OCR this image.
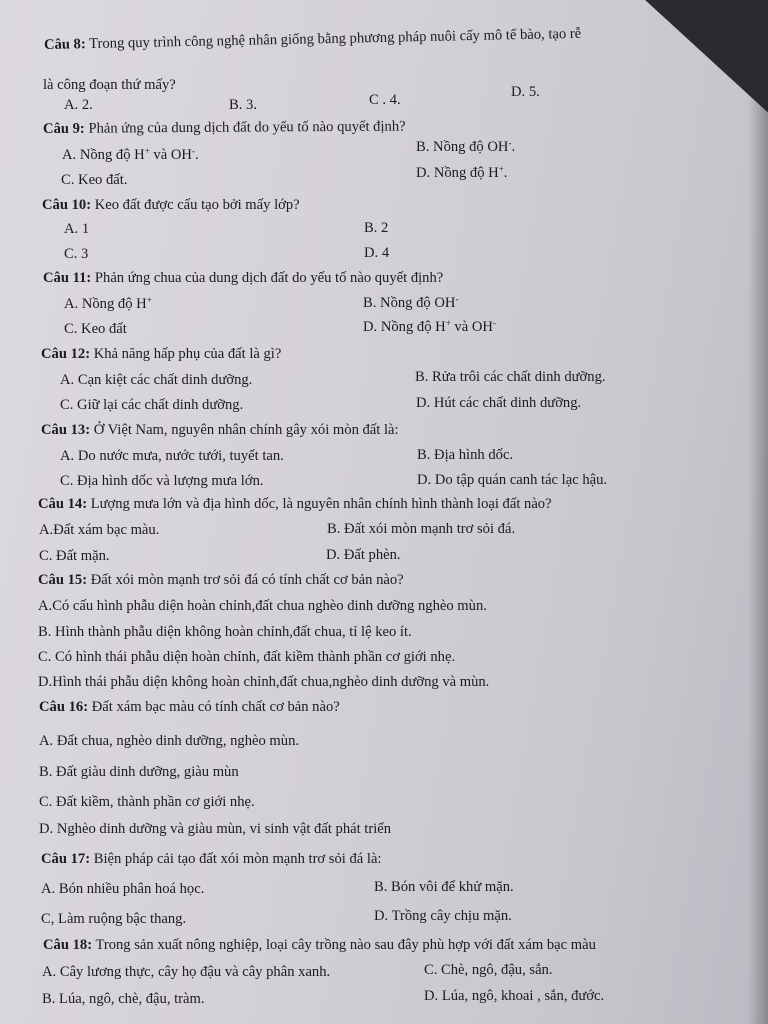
Câu 8: Trong quy trình công nghệ nhân giống bằng phương pháp nuôi cấy mô tế bào, tạo rễ
là công đoạn thứ mấy?
A. 2.	B. 3.	C . 4.	D. 5.
Câu 9: Phản ứng của dung dịch đất do yếu tố nào quyết định?
A. Nồng độ H+ và OH-.	B. Nồng độ OH-.
C. Keo đất.	D. Nồng độ H+.
Câu 10: Keo đất được cấu tạo bởi mấy lớp?
A. 1	B. 2
C. 3	D. 4
Câu 11: Phản ứng chua của dung dịch đất do yếu tố nào quyết định?
A. Nồng độ H+	B. Nồng độ OH-
C. Keo đất	D. Nồng độ H+ và OH-
Câu 12: Khả năng hấp phụ của đất là gì?
A. Cạn kiệt các chất dinh dưỡng.	B. Rửa trôi các chất dinh dưỡng.
C. Giữ lại các chất dinh dưỡng.	D. Hút các chất dinh dưỡng.
Câu 13: Ở Việt Nam, nguyên nhân chính gây xói mòn đất là:
A. Do nước mưa, nước tưới, tuyết tan.	B. Địa hình dốc.
C. Địa hình dốc và lượng mưa lớn.	D. Do tập quán canh tác lạc hậu.
Câu 14: Lượng mưa lớn và địa hình dốc, là nguyên nhân chính hình thành loại đất nào?
A.Đất xám bạc màu.	B. Đất xói mòn mạnh trơ sỏi đá.
C. Đất mặn.	D. Đất phèn.
Câu 15: Đất xói mòn mạnh trơ sỏi đá có tính chất cơ bản nào?
A.Có cấu hình phẫu diện hoàn chỉnh,đất chua nghèo dinh dưỡng nghèo mùn.
B. Hình thành phẫu diện không hoàn chỉnh,đất chua, tỉ lệ keo ít.
C. Có hình thái phẫu diện hoàn chỉnh, đất kiềm thành phần cơ giới nhẹ.
D.Hình thái phẫu diện không hoàn chỉnh,đất chua,nghèo dinh dưỡng và mùn.
Câu 16: Đất xám bạc màu có tính chất cơ bản nào?
A. Đất chua, nghèo dinh dưỡng, nghèo mùn.
B. Đất giàu dinh dưỡng, giàu mùn
C. Đất kiềm, thành phần cơ giới nhẹ.
D. Nghèo dinh dưỡng và giàu mùn, vi sinh vật đất phát triển
Câu 17: Biện pháp cải tạo đất xói mòn mạnh trơ sỏi đá là:
A. Bón nhiều phân hoá học.	B. Bón vôi để khử mặn.
C, Làm ruộng bậc thang.	D. Trồng cây chịu mặn.
Câu 18: Trong sản xuất nông nghiệp, loại cây trồng nào sau đây phù hợp với đất xám bạc màu
A. Cây lương thực, cây họ đậu và cây phân xanh.	C. Chè, ngô, đậu, sắn.
B. Lúa, ngô, chè, đậu, tràm.	D. Lúa, ngô, khoai , sắn, đước.
